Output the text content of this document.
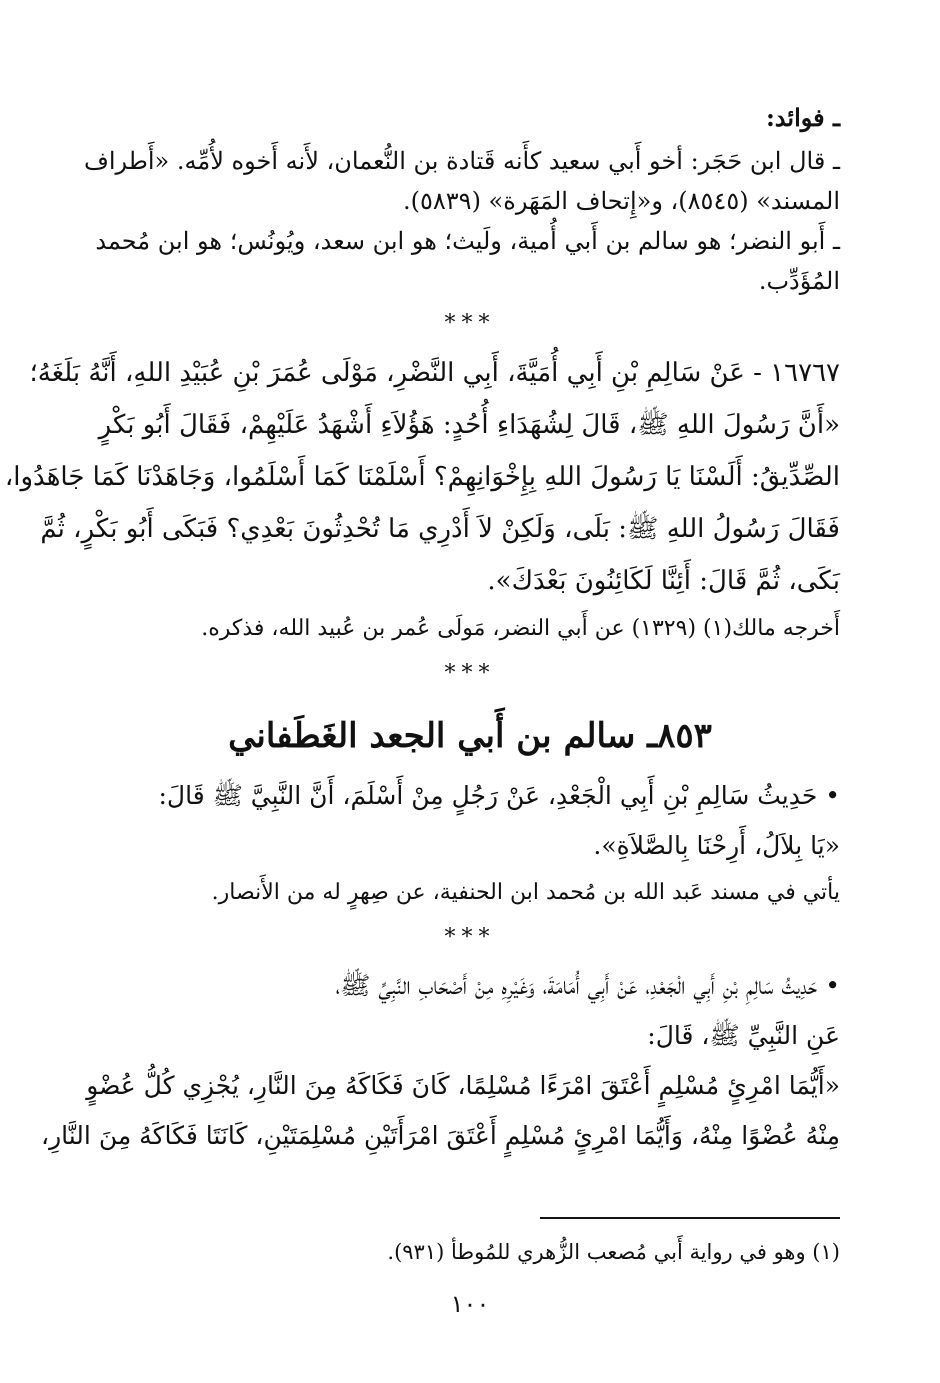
ـ فوائد:
ـ قال ابن حَجَر: أخو أَبي سعيد كأَنه قَتادة بن النُّعمان، لأَنه أَخوه لأُمِّه. «أَطراف
المسند» (٨٥٤٥)، و«إِتحاف المَهَرة» (٥٨٣٩).
ـ أَبو النضر؛ هو سالم بن أَبي أُمية، ولَيث؛ هو ابن سعد، ويُونُس؛ هو ابن مُحمد
المُؤَدِّب.
***
١٦٧٦٧ - عَنْ سَالِمِ بْنِ أَبِي أُمَيَّةَ، أَبِي النَّضْرِ، مَوْلَى عُمَرَ بْنِ عُبَيْدِ اللهِ، أَنَّهُ بَلَغَهُ؛
«أَنَّ رَسُولَ اللهِ ﷺ، قَالَ لِشُهَدَاءِ أُحُدٍ: هَؤُلاَءِ أَشْهَدُ عَلَيْهِمْ، فَقَالَ أَبُو بَكْرٍ
الصِّدِّيقُ: أَلَسْنَا يَا رَسُولَ اللهِ بِإِخْوَانِهِمْ؟ أَسْلَمْنَا كَمَا أَسْلَمُوا، وَجَاهَدْنَا كَمَا جَاهَدُوا،
فَقَالَ رَسُولُ اللهِ ﷺ: بَلَى، وَلَكِنْ لاَ أَدْرِي مَا تُحْدِثُونَ بَعْدِي؟ فَبَكَى أَبُو بَكْرٍ، ثُمَّ
بَكَى، ثُمَّ قَالَ: أَئِنَّا لَكَائِنُونَ بَعْدَكَ».
أَخرجه مالك(١) (١٣٢٩) عن أَبي النضر، مَولَى عُمر بن عُبيد الله، فذكره.
***
٨٥٣ـ سالم بن أَبي الجعد الغَطَفاني
• حَدِيثُ سَالِمِ بْنِ أَبِي الْجَعْدِ، عَنْ رَجُلٍ مِنْ أَسْلَمَ، أَنَّ النَّبِيَّ ﷺ قَالَ:
«يَا بِلاَلُ، أَرِحْنَا بِالصَّلاَةِ».
يأتي في مسند عَبد الله بن مُحمد ابن الحنفية، عن صِهرٍ له من الأَنصار.
***
• حَدِيثُ سَالِمِ بْنِ أَبِي الْجَعْدِ، عَنْ أَبِي أُمَامَةَ، وَغَيْرِهِ مِنْ أَصْحَابِ النَّبِيِّ ﷺ،
عَنِ النَّبِيِّ ﷺ، قَالَ:
«أَيُّمَا امْرِئٍ مُسْلِمٍ أَعْتَقَ امْرَءًا مُسْلِمًا، كَانَ فَكَاكَهُ مِنَ النَّارِ، يُجْزِي كُلُّ عُضْوٍ
مِنْهُ عُضْوًا مِنْهُ، وَأَيُّمَا امْرِئٍ مُسْلِمٍ أَعْتَقَ امْرَأَتَيْنِ مُسْلِمَتَيْنِ، كَانَتَا فَكَاكَهُ مِنَ النَّارِ،
(١) وهو في رواية أَبي مُصعب الزُّهري للمُوطأ (٩٣١).
١٠٠
